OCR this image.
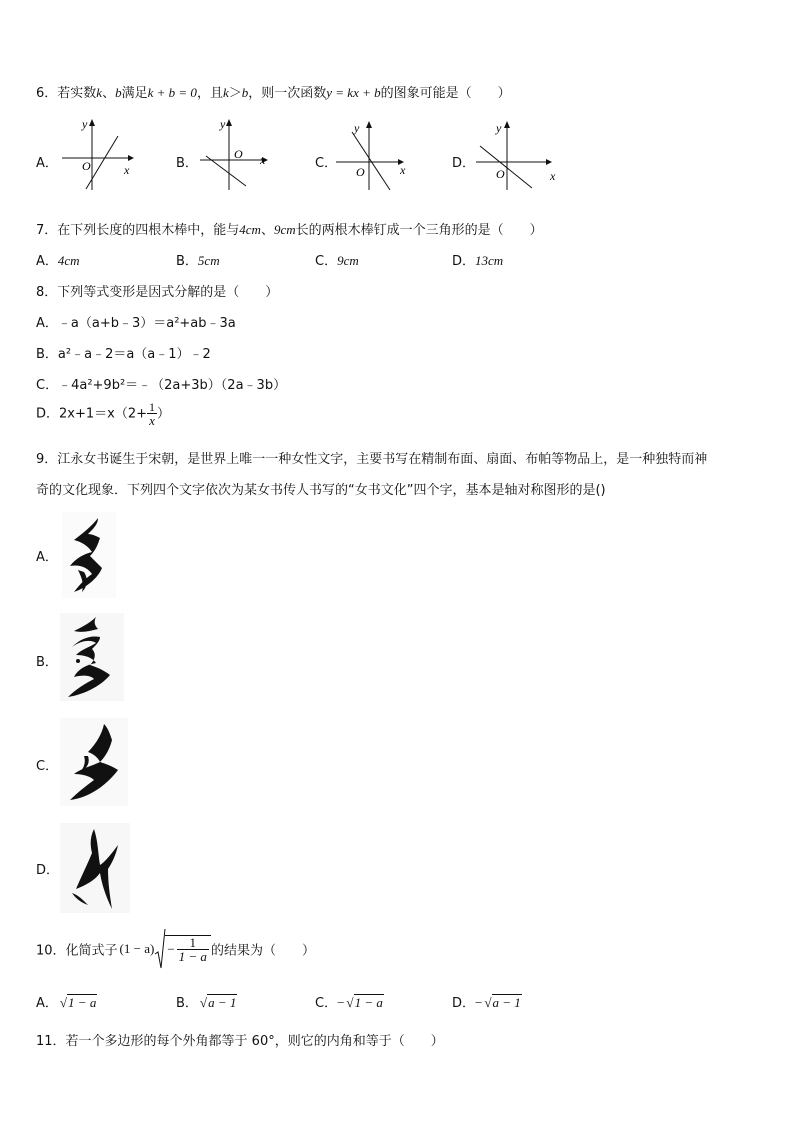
6．若实数k、b满足k + b = 0，且k＞b，则一次函数y = kx + b的图象可能是（　　）
A．
y
x
O	B．
y
x
O
C．
y
x
O
D．
y
x
O
7．在下列长度的四根木棒中，能与4cm、9cm长的两根木棒钉成一个三角形的是（　　）
A．4cm	B．5cm	C．9cm	D．13cm
8．下列等式变形是因式分解的是（　　）
A．﹣a（a+b﹣3）＝a²+ab﹣3a
B．a²﹣a﹣2＝a（a﹣1）﹣2
C．﹣4a²+9b²＝﹣（2a+3b）（2a﹣3b）
D．$2x+1=x(2+ \frac{1}{x}$ ）
9．江永女书诞生于宋朝，是世界上唯一一种女性文字，主要书写在精制布面、扇面、布帕等物品上，是一种独特而神
奇的文化现象．下列四个文字依次为某女书传人书写的“女书文化”四个字，基本是轴对称图形的是()
A．
B．
C．
D．
10．化简式子 $(1 - a) - \frac{1}{1 - a}$ 的结果为（　　）
A． √1 − a	B． √a − 1	C．− √1 − a	D．− √a − 1
11．若一个多边形的每个外角都等于 60°，则它的内角和等于（　　）
